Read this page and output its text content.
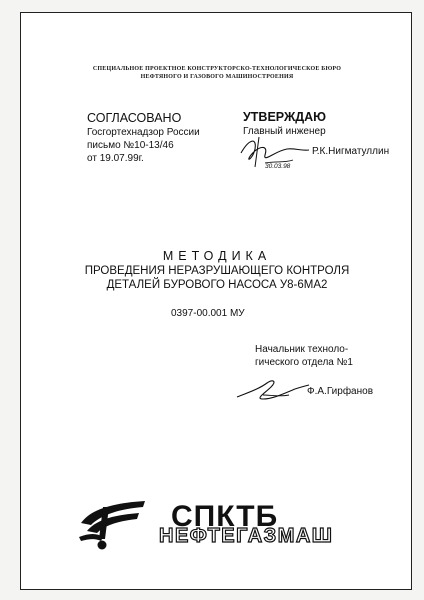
СПЕЦИАЛЬНОЕ ПРОЕКТНОЕ КОНСТРУКТОРСКО-ТЕХНОЛОГИЧЕСКОЕ БЮРО
НЕФТЯНОГО И ГАЗОВОГО МАШИНОСТРОЕНИЯ
СОГЛАСОВАНО
Госгортехнадзор России
письмо №10-13/46
от 19.07.99г.
УТВЕРЖДАЮ
Главный инженер
Р.К.Нигматуллин
30.03.98
МЕТОДИКА
ПРОВЕДЕНИЯ НЕРАЗРУШАЮЩЕГО КОНТРОЛЯ
ДЕТАЛЕЙ БУРОВОГО НАСОСА У8-6МА2
0397-00.001 МУ
Начальник техноло-
гического отдела №1
Ф.А.Гирфанов
СПКТБ
НЕФТЕГАЗМАШ
